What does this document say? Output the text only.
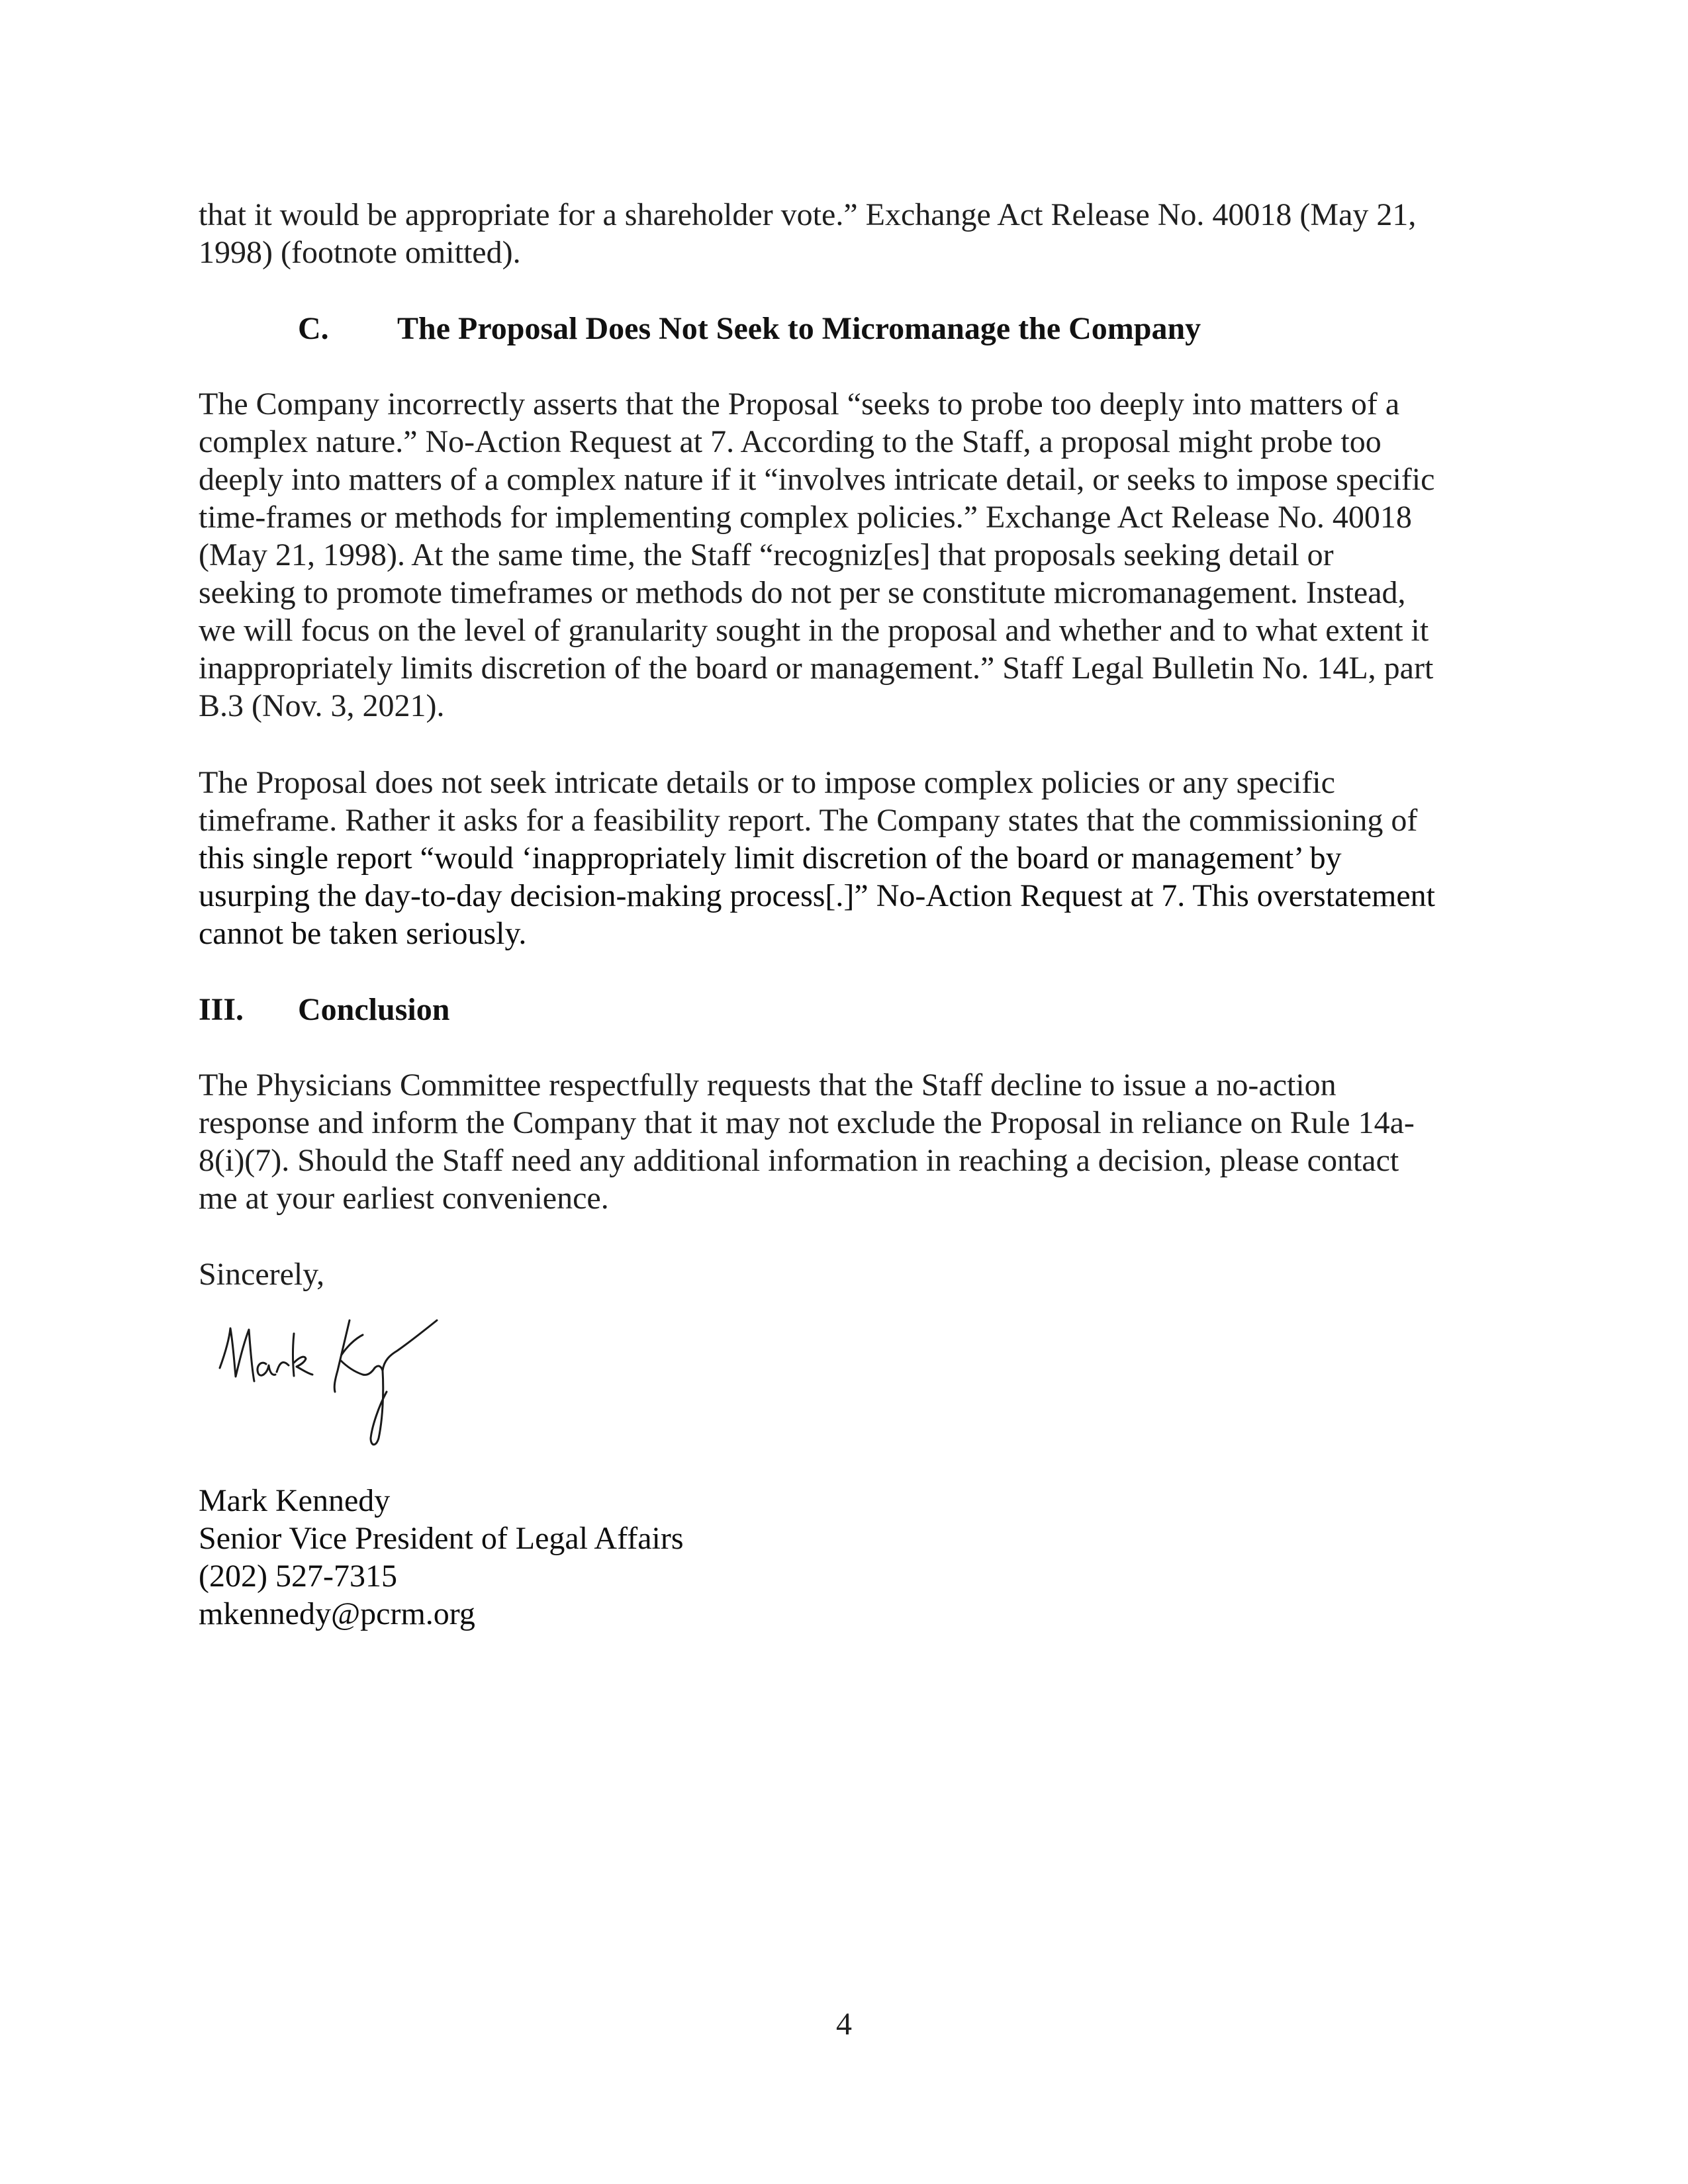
that it would be appropriate for a shareholder vote.” Exchange Act Release No. 40018 (May 21,
1998) (footnote omitted).
C. The Proposal Does Not Seek to Micromanage the Company
The Company incorrectly asserts that the Proposal “seeks to probe too deeply into matters of a
complex nature.” No-Action Request at 7. According to the Staff, a proposal might probe too
deeply into matters of a complex nature if it “involves intricate detail, or seeks to impose specific
time-frames or methods for implementing complex policies.” Exchange Act Release No. 40018
(May 21, 1998). At the same time, the Staff “recogniz[es] that proposals seeking detail or
seeking to promote timeframes or methods do not per se constitute micromanagement. Instead,
we will focus on the level of granularity sought in the proposal and whether and to what extent it
inappropriately limits discretion of the board or management.” Staff Legal Bulletin No. 14L, part
B.3 (Nov. 3, 2021).
The Proposal does not seek intricate details or to impose complex policies or any specific
timeframe. Rather it asks for a feasibility report. The Company states that the commissioning of
this single report “would ‘inappropriately limit discretion of the board or management’ by
usurping the day-to-day decision-making process[.]” No-Action Request at 7. This overstatement
cannot be taken seriously.
III. Conclusion
The Physicians Committee respectfully requests that the Staff decline to issue a no-action
response and inform the Company that it may not exclude the Proposal in reliance on Rule 14a-
8(i)(7). Should the Staff need any additional information in reaching a decision, please contact
me at your earliest convenience.
Sincerely,
Mark Kennedy
Senior Vice President of Legal Affairs
(202) 527-7315
mkennedy@pcrm.org
4
